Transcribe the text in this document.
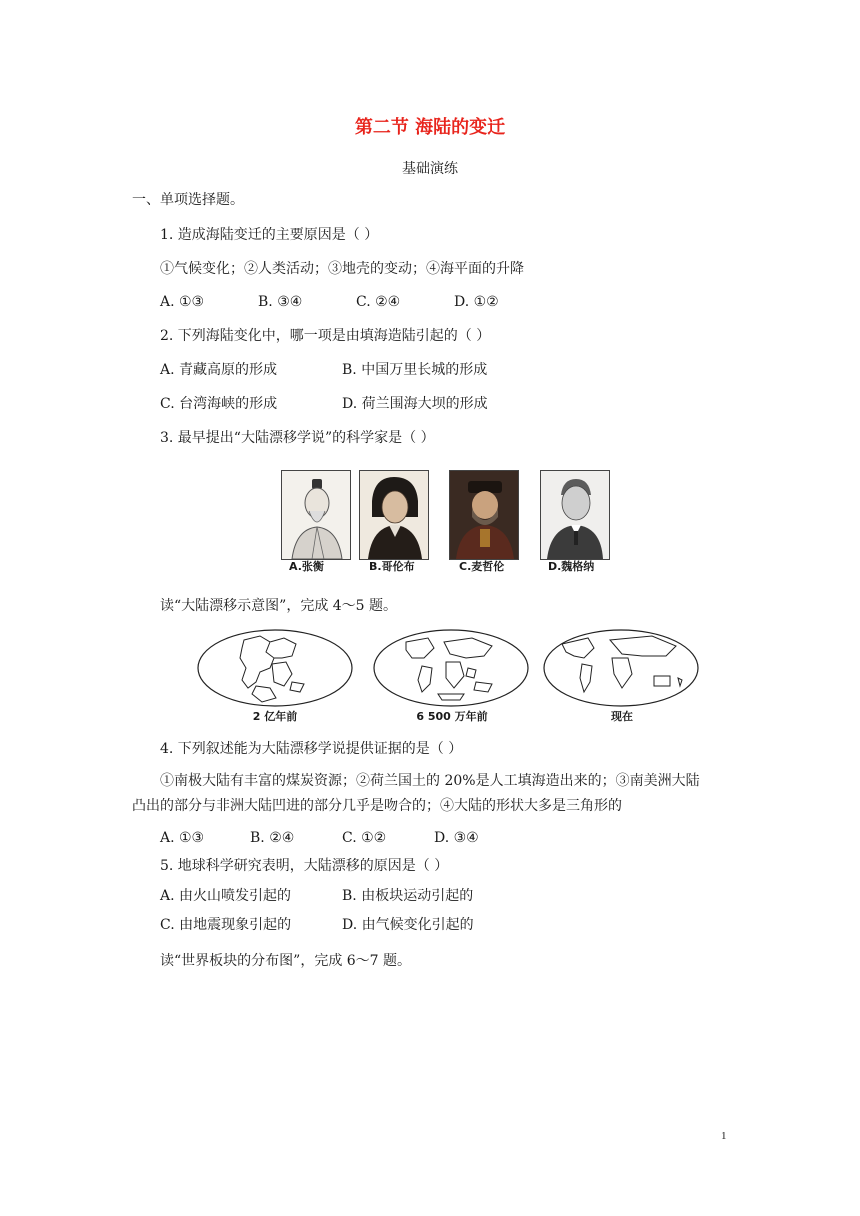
第二节 海陆的变迁
基础演练
一、单项选择题。
1. 造成海陆变迁的主要原因是（ ）
①气候变化；②人类活动；③地壳的变动；④海平面的升降
A. ①③	B. ③④	C. ②④	D. ①②
2. 下列海陆变化中，哪一项是由填海造陆引起的（ ）
A. 青藏高原的形成	B. 中国万里长城的形成
C. 台湾海峡的形成	D. 荷兰围海大坝的形成
3. 最早提出“大陆漂移学说”的科学家是（ ）
A.张衡	B.哥伦布	C.麦哲伦	D.魏格纳
读“大陆漂移示意图”，完成 4～5 题。
2 亿年前	6 500 万年前	现在
4. 下列叙述能为大陆漂移学说提供证据的是（ ）
①南极大陆有丰富的煤炭资源；②荷兰国土的 20%是人工填海造出来的；③南美洲大陆
凸出的部分与非洲大陆凹进的部分几乎是吻合的；④大陆的形状大多是三角形的
A. ①③	B. ②④	C. ①②	D. ③④
5. 地球科学研究表明，大陆漂移的原因是（ ）
A. 由火山喷发引起的	B. 由板块运动引起的
C. 由地震现象引起的	D. 由气候变化引起的
读“世界板块的分布图”，完成 6～7 题。
1
